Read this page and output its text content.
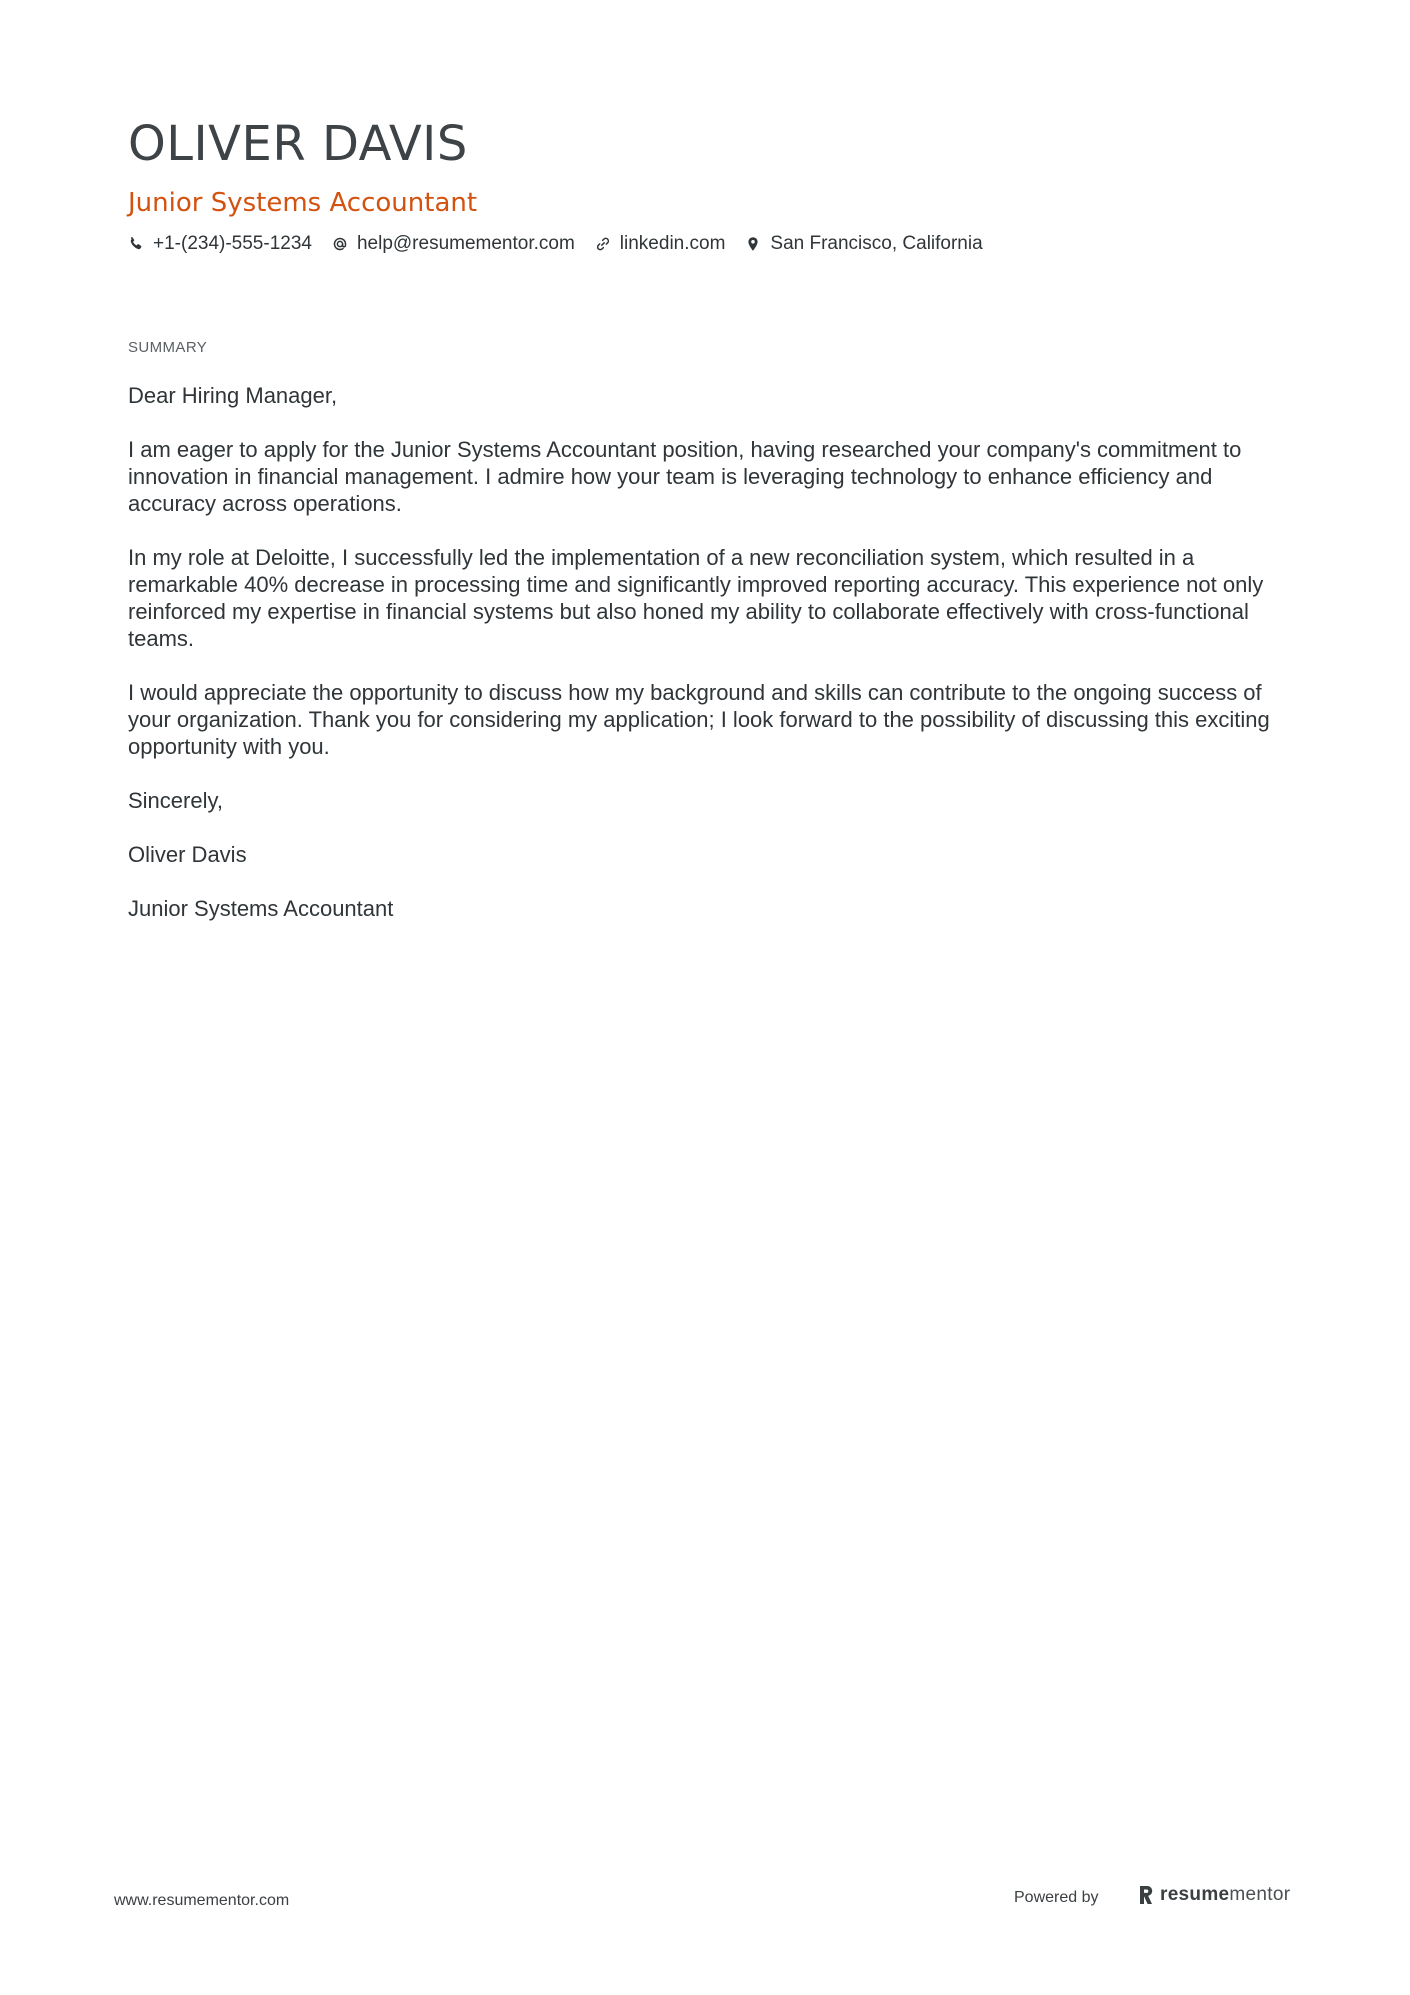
OLIVER DAVIS
Junior Systems Accountant
+1-(234)-555-1234 help@resumementor.com linkedin.com San Francisco, California
SUMMARY

Dear Hiring Manager,

I am eager to apply for the Junior Systems Accountant position, having researched your company's commitment to innovation in financial management. I admire how your team is leveraging technology to enhance efficiency and accuracy across operations.

In my role at Deloitte, I successfully led the implementation of a new reconciliation system, which resulted in a remarkable 40% decrease in processing time and significantly improved reporting accuracy. This experience not only reinforced my expertise in financial systems but also honed my ability to collaborate effectively with cross-functional teams.

I would appreciate the opportunity to discuss how my background and skills can contribute to the ongoing success of your organization. Thank you for considering my application; I look forward to the possibility of discussing this exciting opportunity with you.

Sincerely,

Oliver Davis

Junior Systems Accountant

www.resumementor.com	Powered by	resume mentor
